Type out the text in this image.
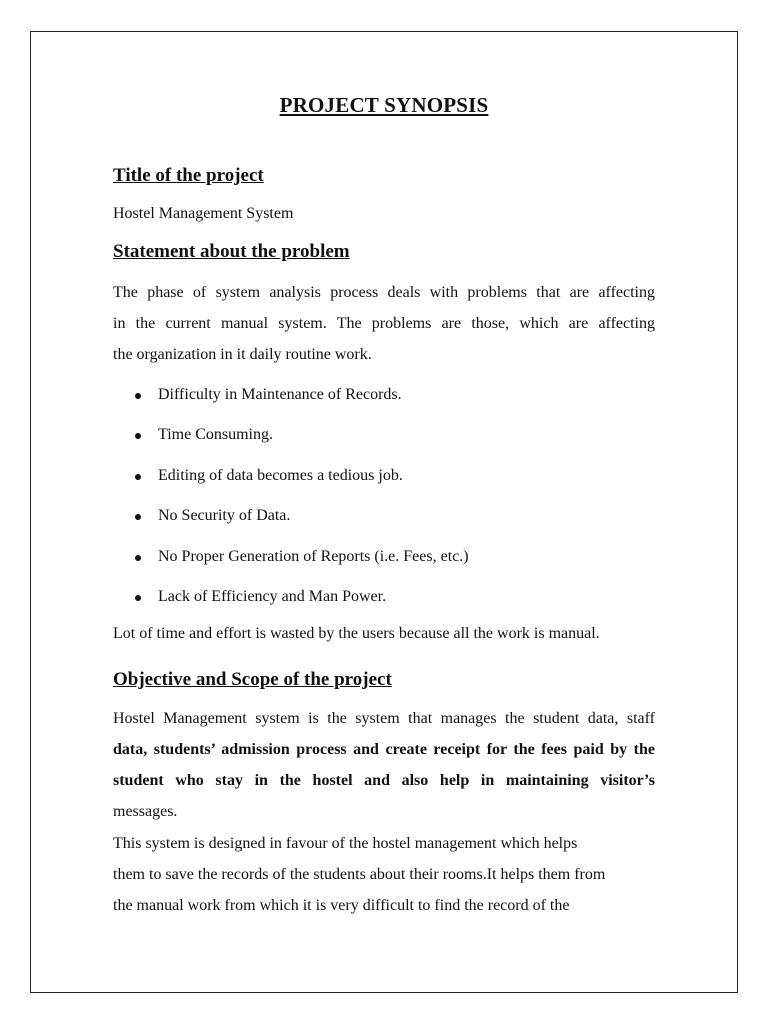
PROJECT SYNOPSIS
Title of the project

Hostel Management System

Statement about the problem

The phase of system analysis process deals with problems that are affecting
in the current manual system. The problems are those, which are affecting
the organization in it daily routine work.

Difficulty in Maintenance of Records.
Time Consuming.
Editing of data becomes a tedious job.
No Security of Data.
No Proper Generation of Reports (i.e. Fees, etc.)
Lack of Efficiency and Man Power.

Lot of time and effort is wasted by the users because all the work is manual.

Objective and Scope of the project

Hostel Management system is the system that manages the student data, staff
data, students’ admission process and create receipt for the fees paid by the
student who stay in the hostel and also help in maintaining visitor’s
messages.

This system is designed in favour of the hostel management which helps
them to save the records of the students about their rooms.It helps them from
the manual work from which it is very difficult to find the record of the
